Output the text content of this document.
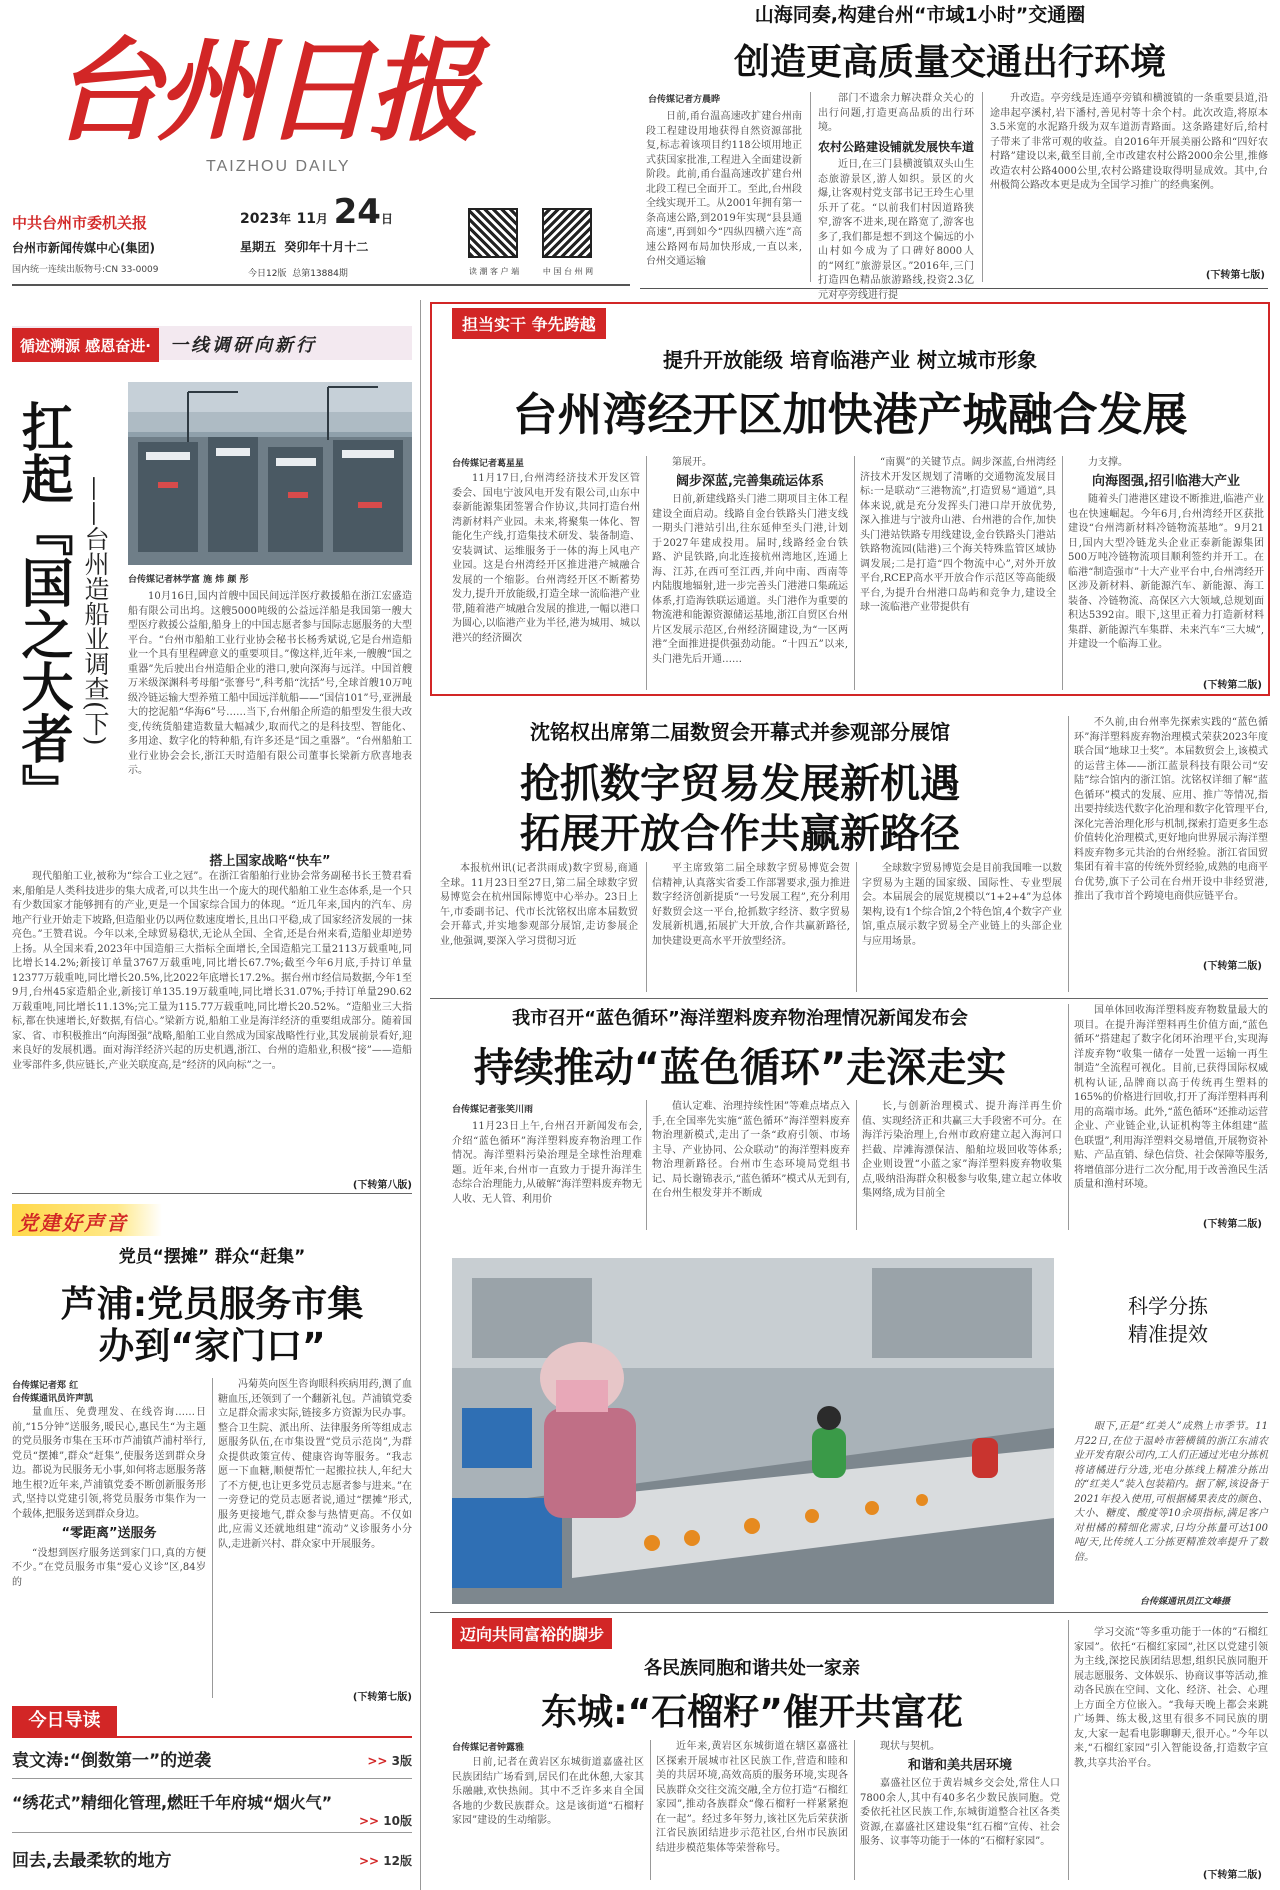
台州日报
TAIZHOU DAILY
中共台州市委机关报
台州市新闻传媒中心(集团)
国内统一连续出版物号:CN 33-0009
2023年 11月 24日
星期五 癸卯年十月十二
今日12版 总第13884期	读 潮 客 户 端	中 国 台 州 网
山海同奏,构建台州“市域1小时”交通圈
创造更高质量交通出行环境
台传媒记者方晨晔

日前,甬台温高速改扩建台州南段工程建设用地获得自然资源部批复,标志着该项目约118公顷用地正式获国家批准,工程进入全面建设新阶段。此前,甬台温高速改扩建台州北段工程已全面开工。至此,台州段全线实现开工。从2001年拥有第一条高速公路,到2019年实现“县县通高速”,再到如今“四纵四横六连”高速公路网布局加快形成,一直以来,台州交通运输

部门不遗余力解决群众关心的出行问题,打造更高品质的出行环境。

农村公路建设铺就发展快车道

近日,在三门县横渡镇双头山生态旅游景区,游人如织。景区的火爆,让客观村党支部书记王玲生心里乐开了花。“以前我们村因道路狭窄,游客不进来,现在路宽了,游客也多了,我们都是想不到这个偏远的小山村如今成为了口碑好8000人的“网红”旅游景区。”2016年,三门打造四色精品旅游路线,投资2.3亿元对亭旁线进行提

升改造。亭旁线是连通亭旁镇和横渡镇的一条重要县道,沿途串起亭溪村,岩下潘村,善见村等十余个村。此次改造,将原本3.5米宽的水泥路升级为双车道沥青路面。这条路建好后,给村子带来了非常可观的收益。自2016年开展美丽公路和“四好农村路”建设以来,截至目前,全市改建农村公路2000余公里,推修改造农村公路4000公里,农村公路建设取得明显成效。其中,台州极简公路改本更是成为全国学习推广的经典案例。

(下转第七版)
循迹溯源 感恩奋进· 一线调研向新行
扛起『国之大者』 ——台州造船业调查(下) 台传媒记者林学富 施 炜 颜 彤

10月16日,国内首艘中国民间远洋医疗救援船在浙江宏盛造船有限公司出坞。这艘5000吨级的公益远洋船是我国第一艘大型医疗救援公益船,船身上的中国志愿者参与国际志愿服务的大型平台。“台州市船舶工业行业协会秘书长杨秀斌说,它是台州造船业一个具有里程碑意义的重要项目。”像这样,近年来,一艘艘“国之重器”先后驶出台州造船企业的港口,驶向深海与远洋。中国首艘万米级深渊科考母船“张謇号”,科考船“沈括”号,全球首艘10万吨级冷链运输大型养殖工船中国远洋航船——“国信101”号,亚洲最大的挖泥船“华海6”号……当下,台州船企所造的船型发生很大改变,传统货船建造数量大幅减少,取而代之的是科技型、智能化、多用途、数字化的特种船,有许多还是“国之重器”。“台州船舶工业行业协会会长,浙江天时造船有限公司董事长梁新方欣喜地表示。

搭上国家战略“快车”

现代船舶工业,被称为“综合工业之冠”。在浙江省船舶行业协会常务副秘书长王赞君看来,船舶是人类科技进步的集大成者,可以共生出一个庞大的现代船舶工业生态体系,是一个只有少数国家才能够拥有的产业,更是一个国家综合国力的体现。“近几年来,国内的汽车、房地产行业开始走下坡路,但造船业仍以两位数速度增长,且出口平稳,成了国家经济发展的一抹亮色。”王赞君说。今年以来,全球贸易稳状,无论从全国、全省,还是台州来看,造船业却逆势上扬。从全国来看,2023年中国造船三大指标全面增长,全国造船完工量2113万载重吨,同比增长14.2%;新接订单量3767万载重吨,同比增长67.7%;截至今年6月底,手持订单量12377万载重吨,同比增长20.5%,比2022年底增长17.2%。据台州市经信局数据,今年1至9月,台州45家造船企业,新接订单135.19万载重吨,同比增长31.07%;手持订单量290.62万载重吨,同比增长11.13%;完工量为115.77万载重吨,同比增长20.52%。“造船业三大指标,都在快速增长,好数据,有信心。”梁新方说,船舶工业是海洋经济的重要组成部分。随着国家、省、市积极推出“向海图强”战略,船舶工业自然成为国家战略性行业,其发展前景看好,迎来良好的发展机遇。面对海洋经济兴起的历史机遇,浙江、台州的造船业,积极“接”——造船业零部件多,供应链长,产业关联度高,是“经济的风向标”之一。

(下转第八版)
党建好声音
党员“摆摊” 群众“赶集”
芦浦:党员服务市集
办到“家门口”
台传媒记者郑 红
台传媒通讯员许声凯

量血压、免费理发、在线咨询……日前,“15分钟”送服务,暖民心,惠民生“为主题的党员服务市集在玉环市芦浦镇芦浦村举行,党员“摆摊”,群众“赶集”,使服务送到群众身边。都说为民服务无小事,如何将志愿服务落地生根?近年来,芦浦镇党委不断创新服务形式,坚持以党建引领,将党员服务市集作为一个载体,把服务送到群众身边。

“零距离”送服务

“没想到医疗服务送到家门口,真的方便不少。”在党员服务市集“爱心义诊”区,84岁的

冯菊英向医生咨询眼科疾病用药,测了血糖血压,还领到了一个翻新礼包。芦浦镇党委立足群众需求实际,链接多方资源为民办事。整合卫生院、派出所、法律服务所等组成志愿服务队伍,在市集设置“党员示范岗”,为群众提供政策宣传、健康咨询等服务。“我志愿一下血糖,顺便帮忙一起搬拉扶人,年纪大了不方便,也让更多党员志愿者参与进来。”在一旁登记的党员志愿者说,通过“摆摊”形式,服务更接地气,群众参与热情更高。不仅如此,应需义还就地组建“流动”义诊服务小分队,走进新兴村、群众家中开展服务。

(下转第七版)
今日导读
袁文涛:“倒数第一”的逆袭	>> 3版
“绣花式”精细化管理,燃旺千年府城“烟火气”
>> 10版
回去,去最柔软的地方	>> 12版
担当实干 争先跨越
提升开放能级 培育临港产业 树立城市形象
台州湾经开区加快港产城融合发展
台传媒记者葛星星

11月17日,台州湾经济技术开发区管委会、国电宁波风电开发有限公司,山东中泰新能源集团签署合作协议,共同打造台州湾新材料产业园。未来,将聚集一体化、智能化生产线,打造集技术研发、装备制造、安装调试、运维服务于一体的海上风电产业园。这是台州湾经开区推进港产城融合发展的一个缩影。台州湾经开区不断蓄势发力,提升开放能级,打造全球一流临港产业带,随着港产城融合发展的推进,一幅以港口为圆心,以临港产业为半径,港为城用、城以港兴的经济圈次

第展开。

阔步深蓝,完善集疏运体系

日前,新建线路头门港二期项目主体工程建设全面启动。线路自金台铁路头门港支线一期头门港站引出,往东延伸至头门港,计划于2027年建成投用。届时,线路经金台铁路、沪昆铁路,向北连接杭州湾地区,连通上海、江苏,在西可至江西,并向中南、西南等内陆腹地辐射,进一步完善头门港港口集疏运体系,打造海铁联运通道。头门港作为重要的物流港和能源资源储运基地,浙江自贸区台州片区发展示范区,台州经济圈建设,为“一区两港”全面推进提供强劲动能。“十四五”以来,头门港先后开通……

“南翼”的关键节点。阔步深蓝,台州湾经济技术开发区规划了清晰的交通物流发展目标:一是联动“三港物流”,打造贸易“通道”,具体来说,就是充分发挥头门港口岸开放优势,深入推进与宁波舟山港、台州港的合作,加快头门港站铁路专用线建设,金台铁路头门港站铁路物流园(陆港)三个海关特殊监管区域协调发展;二是打造“四个物流中心”,对外开放平台,RCEP高水平开放合作示范区等高能级平台,为提升台州港口岛屿和竞争力,建设全球一流临港产业带提供有

力支撑。

向海图强,招引临港大产业

随着头门港港区建设不断推进,临港产业也在快速崛起。今年6月,台州湾经开区获批建设“台州湾新材料冷链物流基地”。9月21日,国内大型冷链龙头企业正泰新能源集团500万吨冷链物流项目顺利签约并开工。在临港“制造强市”十大产业平台中,台州湾经开区涉及新材料、新能源汽车、新能源、海工装备、冷链物流、高保区六大领域,总规划面积达5392亩。眼下,这里正着力打造新材料集群、新能源汽车集群、未来汽车“三大城”,并建设一个临海工业。

(下转第二版)
沈铭权出席第二届数贸会开幕式并参观部分展馆
抢抓数字贸易发展新机遇
拓展开放合作共赢新路径

本报杭州讯(记者洪雨成)数字贸易,商通全球。11月23日至27日,第二届全球数字贸易博览会在杭州国际博览中心举办。23日上午,市委副书记、代市长沈铭权出席本届数贸会开幕式,并实地参观部分展馆,走访参展企业,他强调,要深入学习贯彻习近

平主席致第二届全球数字贸易博览会贺信精神,认真落实省委工作部署要求,强力推进数字经济创新提质“一号发展工程”,充分利用好数贸会这一平台,抢抓数字经济、数字贸易发展新机遇,拓展扩大开放,合作共赢新路径,加快建设更高水平开放型经济。

全球数字贸易博览会是目前我国唯一以数字贸易为主题的国家级、国际性、专业型展会。本届展会的展览规模以“1+2+4”为总体架构,设有1个综合馆,2个特色馆,4个数字产业馆,重点展示数字贸易全产业链上的头部企业与应用场景。

不久前,由台州率先探索实践的“蓝色循环”海洋塑料废弃物治理模式荣获2023年度联合国“地球卫士奖”。本届数贸会上,该模式的运营主体——浙江蓝景科技有限公司“安陆”综合馆内的浙江馆。沈铭权详细了解“蓝色循环”模式的发展、应用、推广等情况,指出要持续迭代数字化治理和数字化管理平台,深化完善治理化形与机制,探索打造更多生态价值转化治理模式,更好地向世界展示海洋塑料废弃物多元共治的台州经验。浙江省国贸集团有着丰富的传统外贸经验,成熟的电商平台优势,旗下子公司在台州开设中非经贸港,推出了我市首个跨境电商供应链平台。

(下转第二版)
我市召开“蓝色循环”海洋塑料废弃物治理情况新闻发布会
持续推动“蓝色循环”走深走实
台传媒记者张笑川雨

11月23日上午,台州召开新闻发布会,介绍“蓝色循环”海洋塑料废弃物治理工作情况。海洋塑料污染治理是全球性治理难题。近年来,台州市一直致力于提升海洋生态综合治理能力,从破解“海洋塑料废弃物无人收、无人管、利用价

值认定难、治理持续性困”等难点堵点入手,在全国率先实施“蓝色循环”海洋塑料废弃物治理新模式,走出了一条“政府引领、市场主导、产业协同、公众联动”的海洋塑料废弃物治理新路径。台州市生态环境局党组书记、局长谢锦表示,“蓝色循环”模式从无到有,在台州生根发芽并不断成

长,与创新治理模式、提升海洋再生价值、实现经济正和共赢三大手段密不可分。在海洋污染治理上,台州市政府建立起入海河口拦截、岸滩海漂保洁、船舶垃圾回收等体系;企业则设置“小蓝之家”海洋塑料废弃物收集点,吸纳沿海群众积极参与收集,建立起立体收集网络,成为目前全

国单体回收海洋塑料废弃物数量最大的项目。在提升海洋塑料再生价值方面,“蓝色循环”搭建起了数字化闭环治理平台,实现海洋废弃物“收集一储存一处置一运输一再生制造”全流程可视化。目前,已获得国际权威机构认证,品牌商以高于传统再生塑料的165%的价格进行回收,打开了海洋塑料再利用的高端市场。此外,“蓝色循环”还推动运营企业、产业链企业,认证机构等主体组建“蓝色联盟”,利用海洋塑料交易增值,开展物资补贴、产品直销、绿色信贷、社会保障等服务,将增值部分进行二次分配,用于改善渔民生活质量和渔村环境。

(下转第二版)
科学分拣
精准提效

眼下,正是“红美人”成熟上市季节。11月22日,在位于温岭市箬横镇的浙江东浦农业开发有限公司内,工人们正通过光电分拣机将诸橘进行分选,光电分拣线上精准分拣出的“红美人”装入包装箱内。据了解,该设备于2021年投入使用,可根据橘果表皮的颜色、大小、糖度、酸度等10余项指标,满足客户对柑橘的精细化需求,日均分拣量可达100吨/天,比传统人工分拣更精准效率提升了数倍。

台传媒通讯员江文峰摄
迈向共同富裕的脚步
各民族同胞和谐共处一家亲
东城:“石榴籽”催开共富花
台传媒记者钟露雅

日前,记者在黄岩区东城街道嘉盛社区民族团结广场看到,居民们在此休憩,大家其乐融融,欢快热闹。其中不乏许多来自全国各地的少数民族群众。这是该街道“石榴籽家园”建设的生动缩影。

近年来,黄岩区东城街道在辖区嘉盛社区探索开展城市社区民族工作,营造和睦和美的共居环境,高效高质的服务环境,实现各民族群众交往交流交融,全方位打造“石榴红家园”,推动各族群众“像石榴籽一样紧紧抱在一起”。经过多年努力,该社区先后荣获浙江省民族团结进步示范社区,台州市民族团结进步模范集体等荣誉称号。

现状与契机。

和谐和美共居环境

嘉盛社区位于黄岩城乡交会处,常住人口7800余人,其中有40多名少数民族同胞。党委依托社区民族工作,东城街道整合社区各类资源,在嘉盛社区建设集“红石榴”宣传、社会服务、议事等功能于一体的“石榴籽家园”。

学习交流“等多重功能于一体的”石榴红家园”。依托“石榴红家园”,社区以党建引领为主线,深挖民族团结思想,组织民族同胞开展志愿服务、文体娱乐、协商议事等活动,推动各民族在空间、文化、经济、社会、心理上方面全方位嵌入。“我每天晚上都会来跳广场舞、练太极,这里有很多不同民族的朋友,大家一起看电影聊聊天,很开心。”今年以来,“石榴红家园”引入智能设备,打造数字宣教,共享共治平台。

(下转第二版)
